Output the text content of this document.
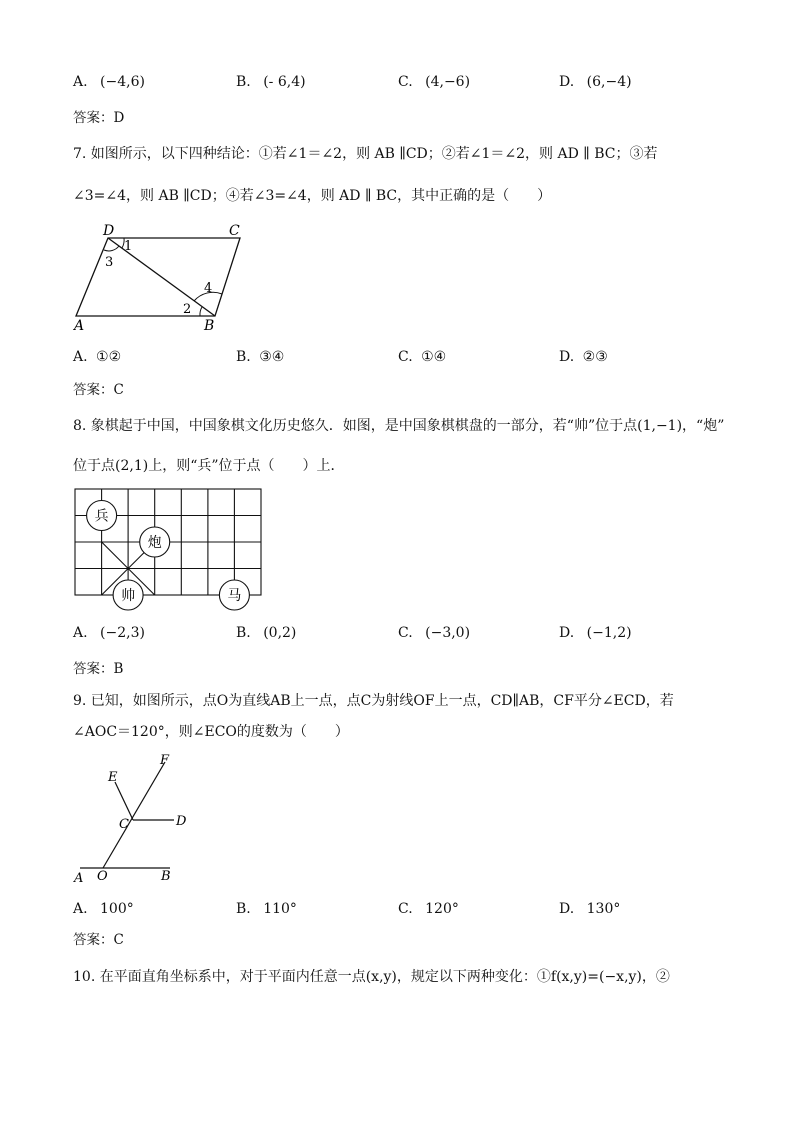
A. (−4,6)	B. (- 6,4)	C. (4,−6)	D. (6,−4)
答案：D
7. 如图所示，以下四种结论：①若∠1＝∠2，则 AB ∥CD；②若∠1＝∠2，则 AD ∥ BC；③若
∠3=∠4，则 AB ∥CD；④若∠3=∠4，则 AD ∥ BC，其中正确的是（　　）
D	C
A	B
1
3
2
4
A. ①②	B. ③④	C. ①④	D. ②③
答案：C
8. 象棋起于中国，中国象棋文化历史悠久．如图，是中国象棋棋盘的一部分，若“帅”位于点(1,−1)，“炮”
位于点(2,1)上，则“兵”位于点（　　）上．
兵
炮
帅	马
A. (−2,3)	B. (0,2)	C. (−3,0)	D. (−1,2)
答案：B
9. 已知，如图所示，点O为直线AB上一点，点C为射线OF上一点，CD∥AB，CF平分∠ECD，若
∠AOC＝120°，则∠ECO的度数为（　　）
F
E
C	D
A O	B
A. 100°	B. 110°	C. 120°	D. 130°
答案：C
10. 在平面直角坐标系中，对于平面内任意一点(x,y)，规定以下两种变化：①f(x,y)=(−x,y)，②
